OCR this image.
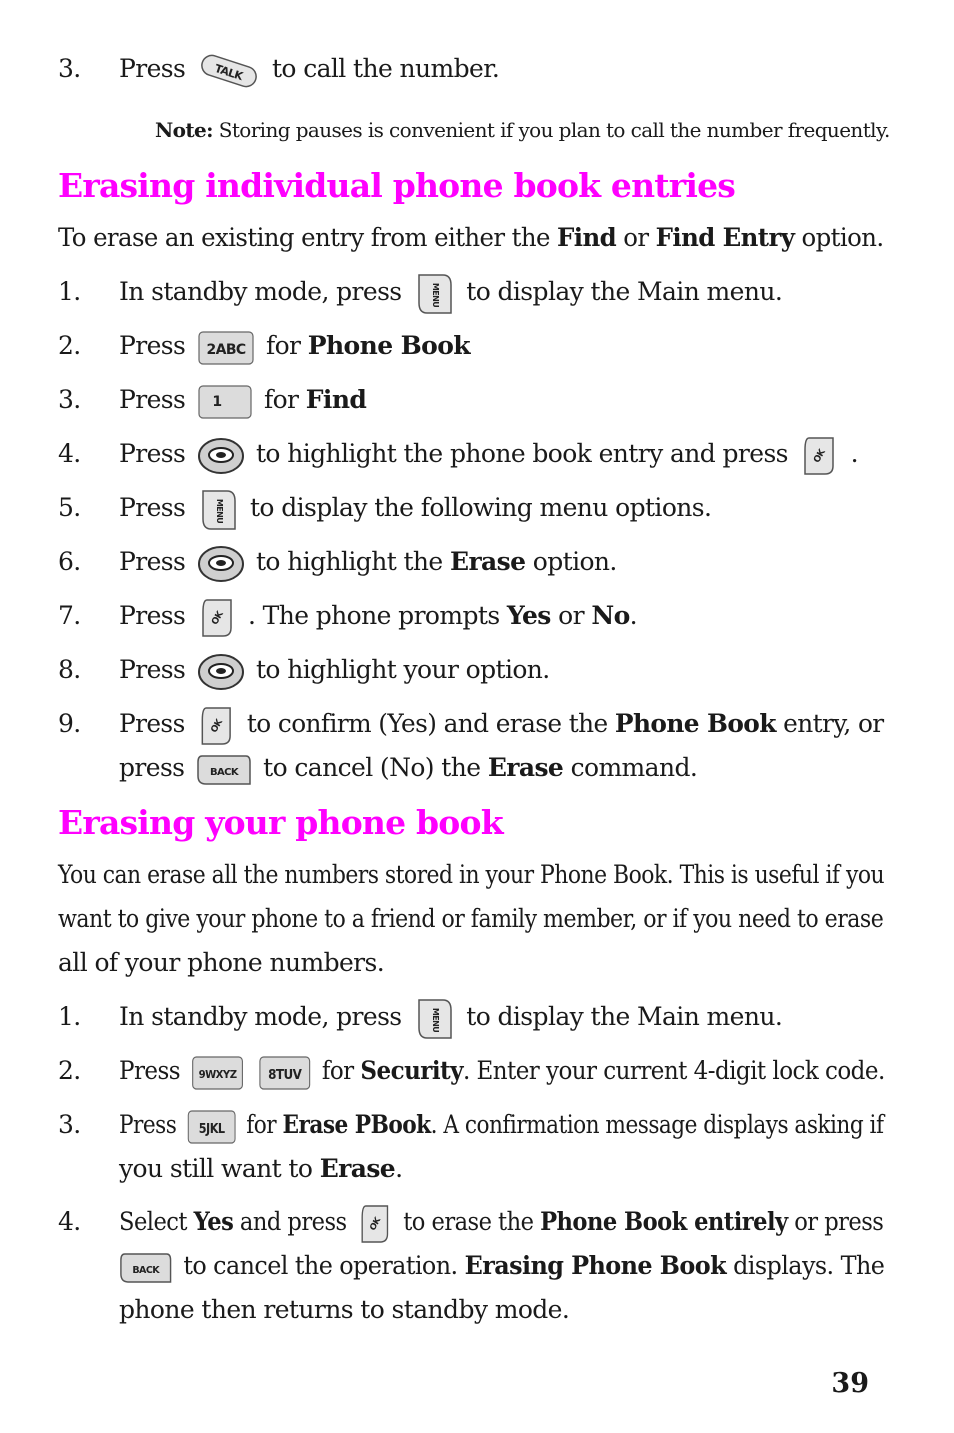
3.	Press TALK to call the number.
Note: Storing pauses is convenient if you plan to call the number frequently.
Erasing individual phone book entries
To erase an existing entry from either the Find or Find Entry option.
1.	In standby mode, press	MENU to display the Main menu.
2.	Press 2ABC for Phone Book
3.	Press 1 for Find
4.	Press	to highlight the phone book entry and press	OK .
5.	Press	MENU to display the following menu options.
6.	Press	to highlight the Erase option.
7.	Press	OK . The phone prompts Yes or No.
8.	Press	to highlight your option.
9.	Press	OK to confirm (Yes) and erase the Phone Book entry, or
press	BACK to cancel (No) the Erase command.
Erasing your phone book
You can erase all the numbers stored in your Phone Book. This is useful if you
want to give your phone to a friend or family member, or if you need to erase
all of your phone numbers.
1.	In standby mode, press	MENU to display the Main menu.
2.	Press 9WXYZ
8TUV for Security. Enter your current 4-digit lock code.
3.	Press 5JKL for Erase PBook. A confirmation message displays asking if
you still want to Erase.
4.	Select Yes and press OK to erase the Phone Book entirely or press
BACK to cancel the operation. Erasing Phone Book displays. The
phone then returns to standby mode.
39
